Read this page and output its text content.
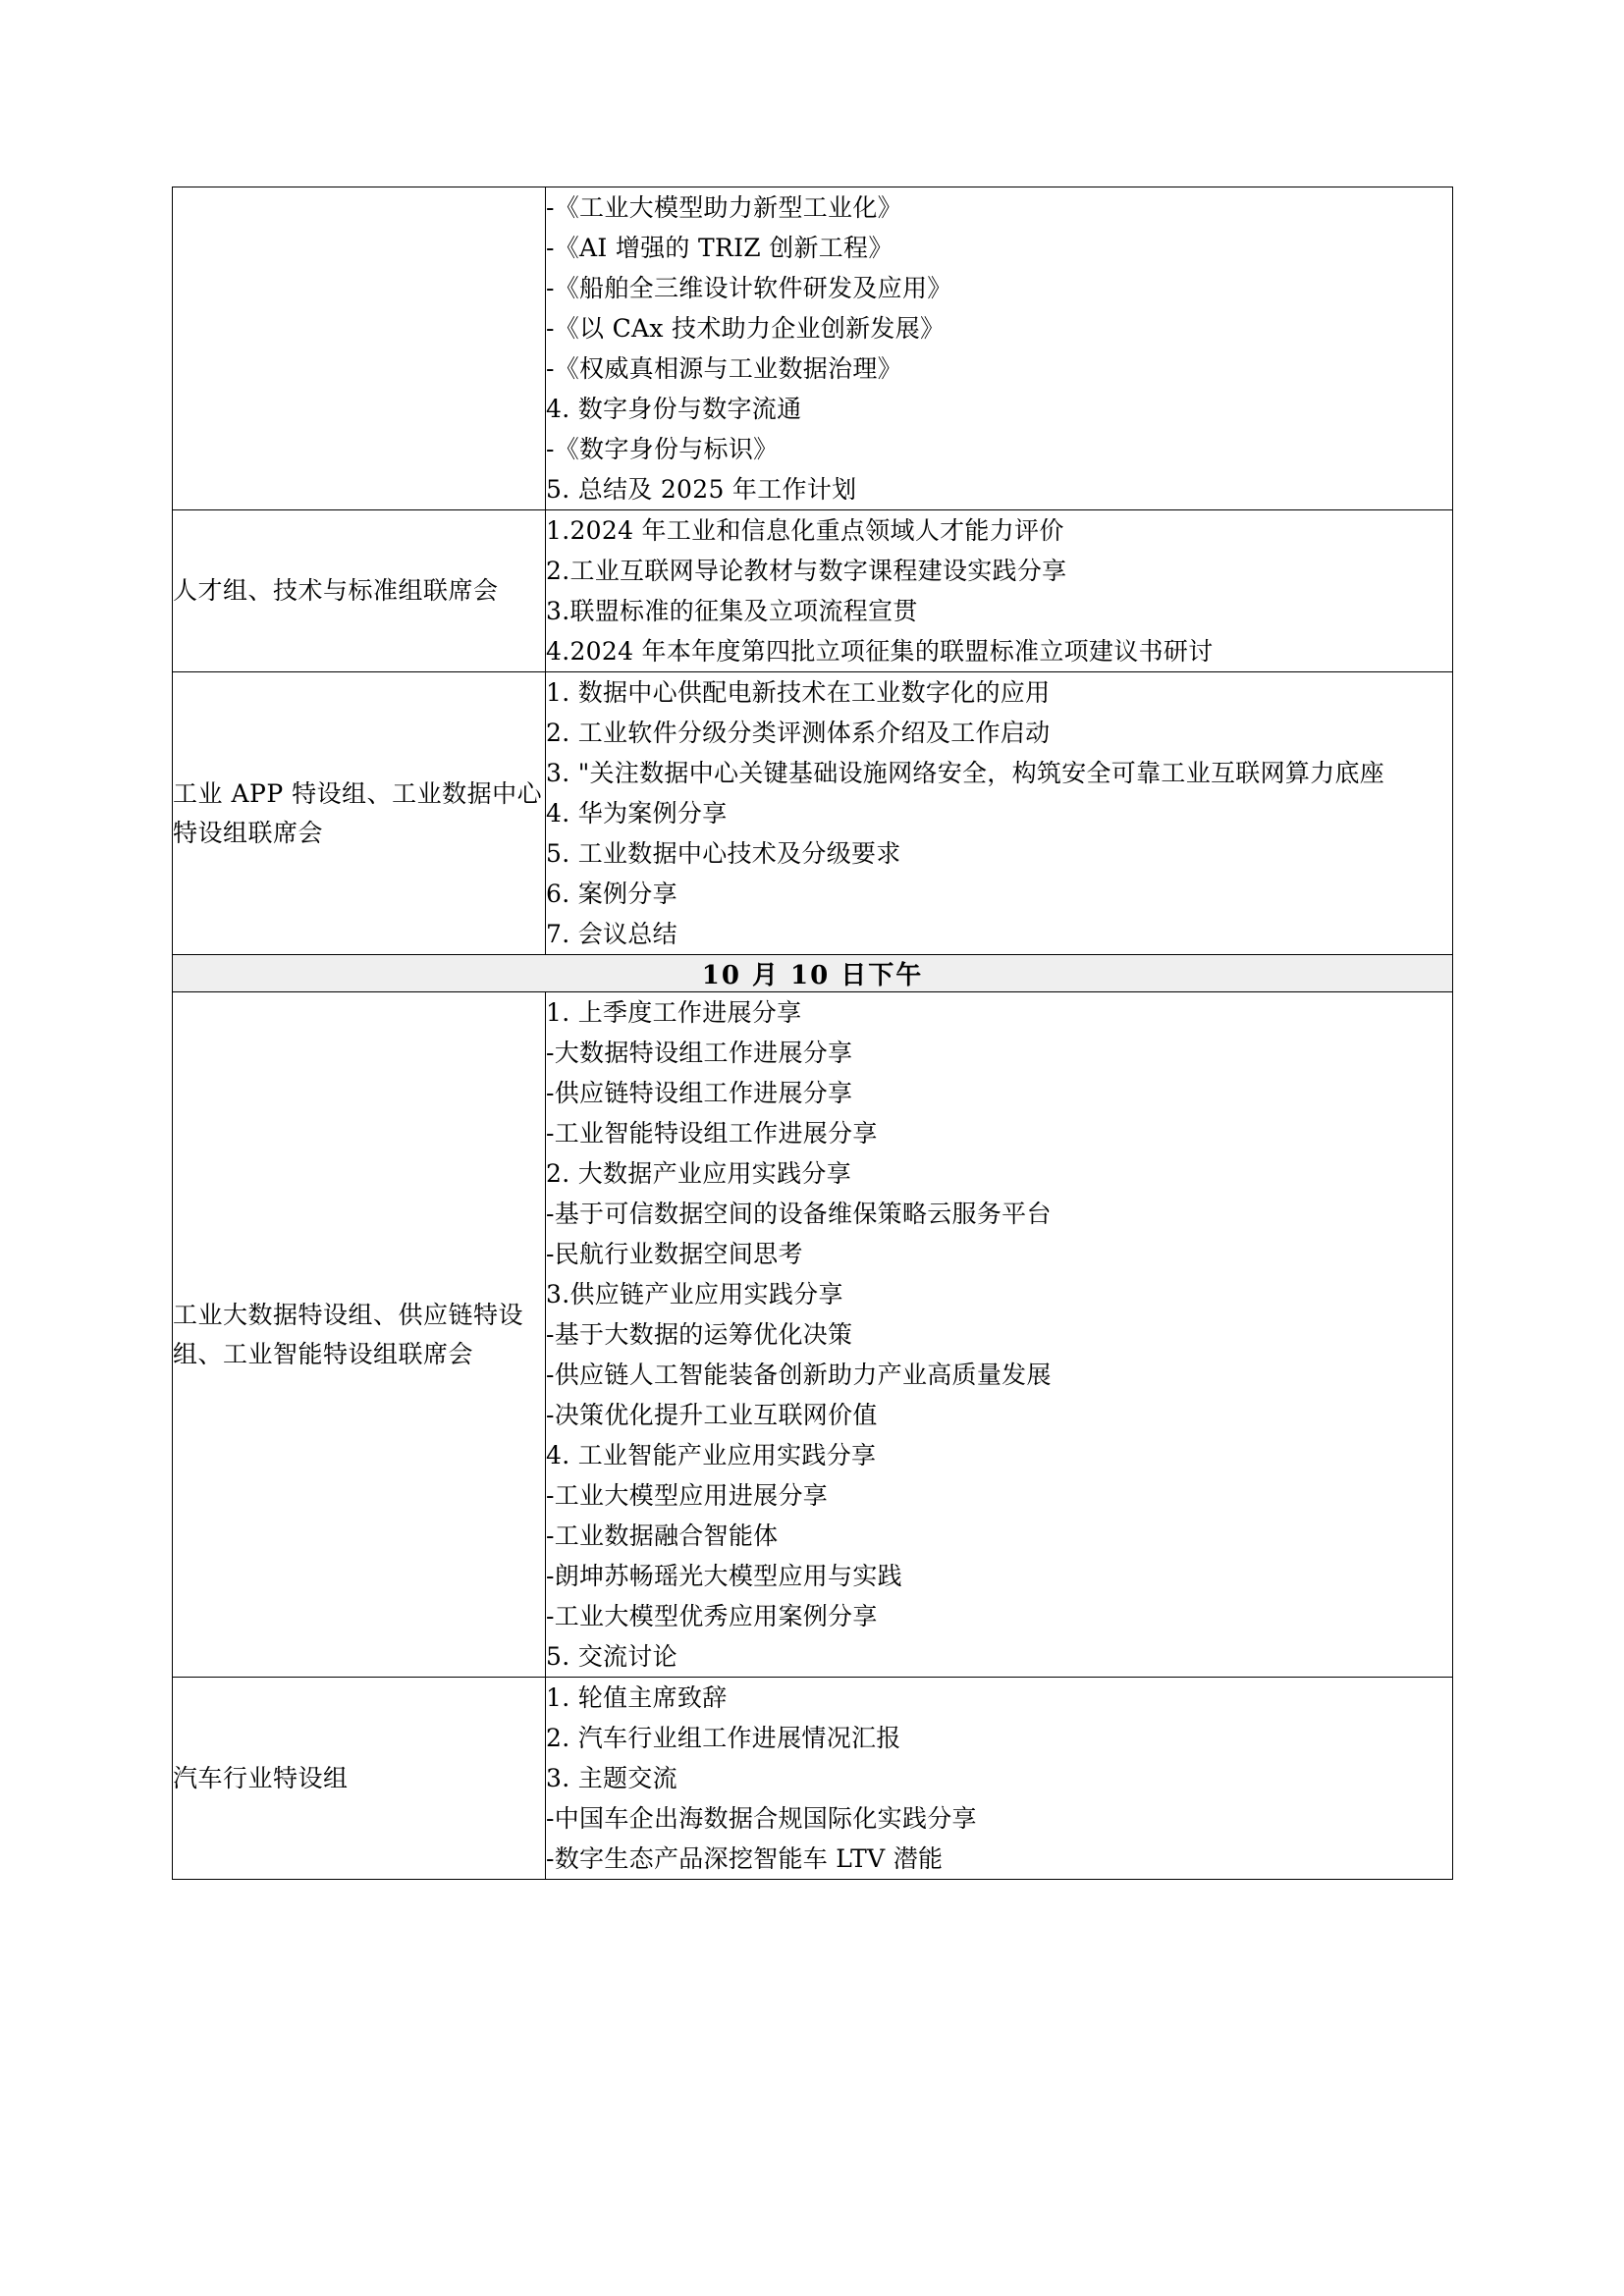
-《工业大模型助力新型工业化》
-《AI 增强的 TRIZ 创新工程》
-《船舶全三维设计软件研发及应用》
-《以 CAx 技术助力企业创新发展》
-《权威真相源与工业数据治理》
4. 数字身份与数字流通
-《数字身份与标识》
5. 总结及 2025 年工作计划

人才组、技术与标准组联席会	1.2024 年工业和信息化重点领域人才能力评价
2.工业互联网导论教材与数字课程建设实践分享
3.联盟标准的征集及立项流程宣贯
4.2024 年本年度第四批立项征集的联盟标准立项建议书研讨

工业 APP 特设组、工业数据中心特设组联席会	
1. 数据中心供配电新技术在工业数字化的应用
2. 工业软件分级分类评测体系介绍及工作启动
3. "关注数据中心关键基础设施网络安全，构筑安全可靠工业互联网算力底座
4. 华为案例分享
5. 工业数据中心技术及分级要求
6. 案例分享
7. 会议总结

10 月 10 日下午	
工业大数据特设组、供应链特设组、工业智能特设组联席会	
1. 上季度工作进展分享
-大数据特设组工作进展分享
-供应链特设组工作进展分享
-工业智能特设组工作进展分享
2. 大数据产业应用实践分享
-基于可信数据空间的设备维保策略云服务平台
-民航行业数据空间思考
3.供应链产业应用实践分享
-基于大数据的运筹优化决策
-供应链人工智能装备创新助力产业高质量发展
-决策优化提升工业互联网价值
4. 工业智能产业应用实践分享
-工业大模型应用进展分享
-工业数据融合智能体
-朗坤苏畅瑶光大模型应用与实践
-工业大模型优秀应用案例分享
5. 交流讨论

汽车行业特设组	1. 轮值主席致辞
2. 汽车行业组工作进展情况汇报
3. 主题交流
-中国车企出海数据合规国际化实践分享
-数字生态产品深挖智能车 LTV 潜能
